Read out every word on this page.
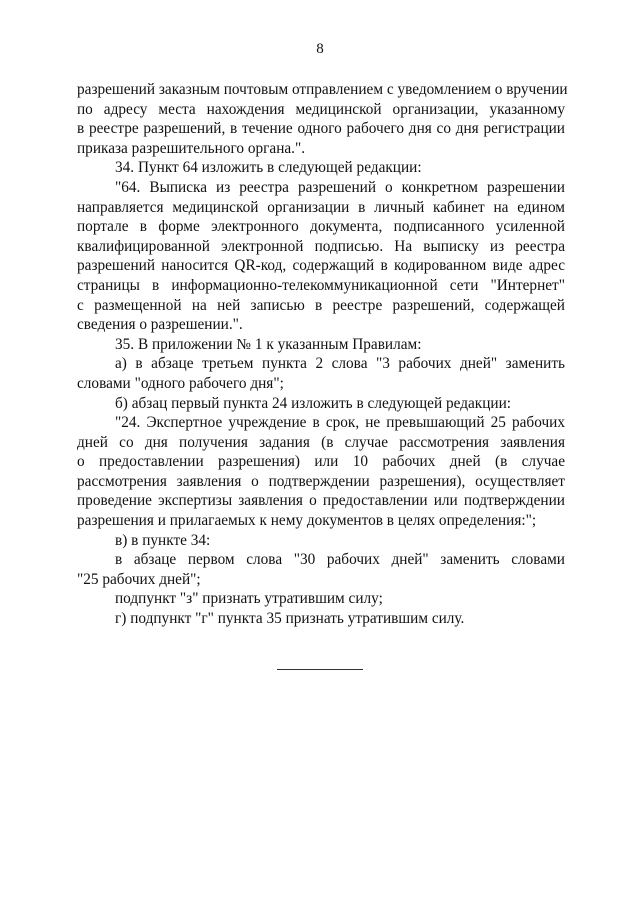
8
разрешений заказным почтовым отправлением с уведомлением о вручении
по адресу места нахождения медицинской организации, указанному
в реестре разрешений, в течение одного рабочего дня со дня регистрации
приказа разрешительного органа.".
34. Пункт 64 изложить в следующей редакции:
"64. Выписка из реестра разрешений о конкретном разрешении
направляется медицинской организации в личный кабинет на едином
портале в форме электронного документа, подписанного усиленной
квалифицированной электронной подписью. На выписку из реестра
разрешений наносится QR-код, содержащий в кодированном виде адрес
страницы в информационно-телекоммуникационной сети "Интернет"
с размещенной на ней записью в реестре разрешений, содержащей
сведения о разрешении.".
35. В приложении № 1 к указанным Правилам:
а) в абзаце третьем пункта 2 слова "3 рабочих дней" заменить
словами "одного рабочего дня";
б) абзац первый пункта 24 изложить в следующей редакции:
"24. Экспертное учреждение в срок, не превышающий 25 рабочих
дней со дня получения задания (в случае рассмотрения заявления
о предоставлении разрешения) или 10 рабочих дней (в случае
рассмотрения заявления о подтверждении разрешения), осуществляет
проведение экспертизы заявления о предоставлении или подтверждении
разрешения и прилагаемых к нему документов в целях определения:";
в) в пункте 34:
в абзаце первом слова "30 рабочих дней" заменить словами
"25 рабочих дней";
подпункт "з" признать утратившим силу;
г) подпункт "г" пункта 35 признать утратившим силу.
